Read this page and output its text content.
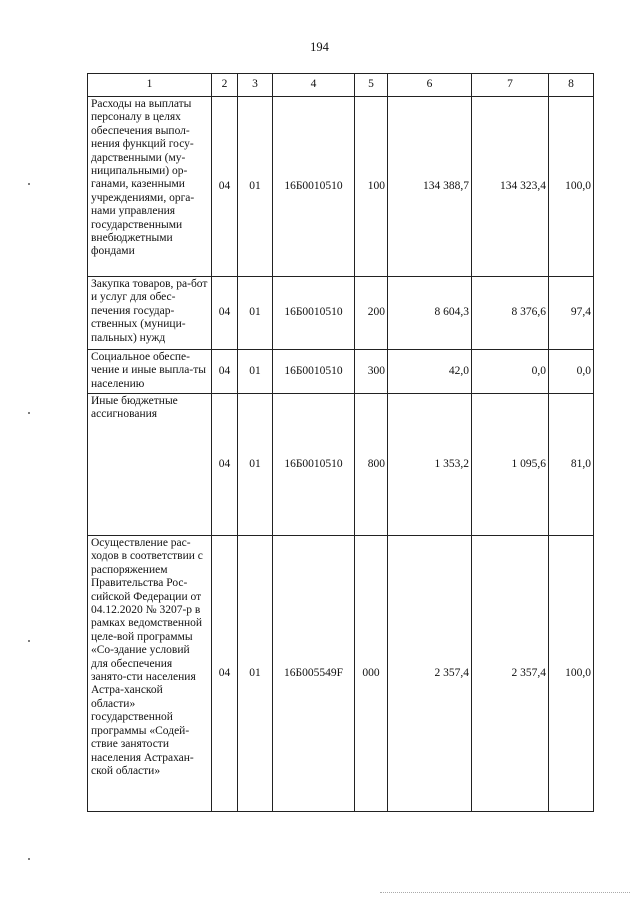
194
1	2	3	4	5	6	7	8
Расходы на выплаты персоналу в целях обеспечения выпол-нения функций госу-дарственными (му-ниципальными) ор-ганами, казенными учреждениями, орга-нами управления государственными внебюджетными фондами	04	01	16Б0010510	100	134 388,7	134 323,4	100,0
Закупка товаров, ра-бот и услуг для обес-печения государ-ственных (муници-пальных) нужд	04	01	16Б0010510	200	8 604,3	8 376,6	97,4
Социальное обеспе-чение и иные выпла-ты населению	04	01	16Б0010510	300	42,0	0,0	0,0
Иные бюджетные ассигнования	04	01	16Б0010510	800	1 353,2	1 095,6	81,0
Осуществление рас-ходов в соответствии с распоряжением Правительства Рос-сийской Федерации от 04.12.2020 № 3207-р в рамках ведомственной целе-вой программы «Со-здание условий для обеспечения занято-сти населения Астра-ханской области» государственной программы «Содей-ствие занятости населения Астрахан-ской области»	04	01	16Б005549F	000	2 357,4	2 357,4	100,0
